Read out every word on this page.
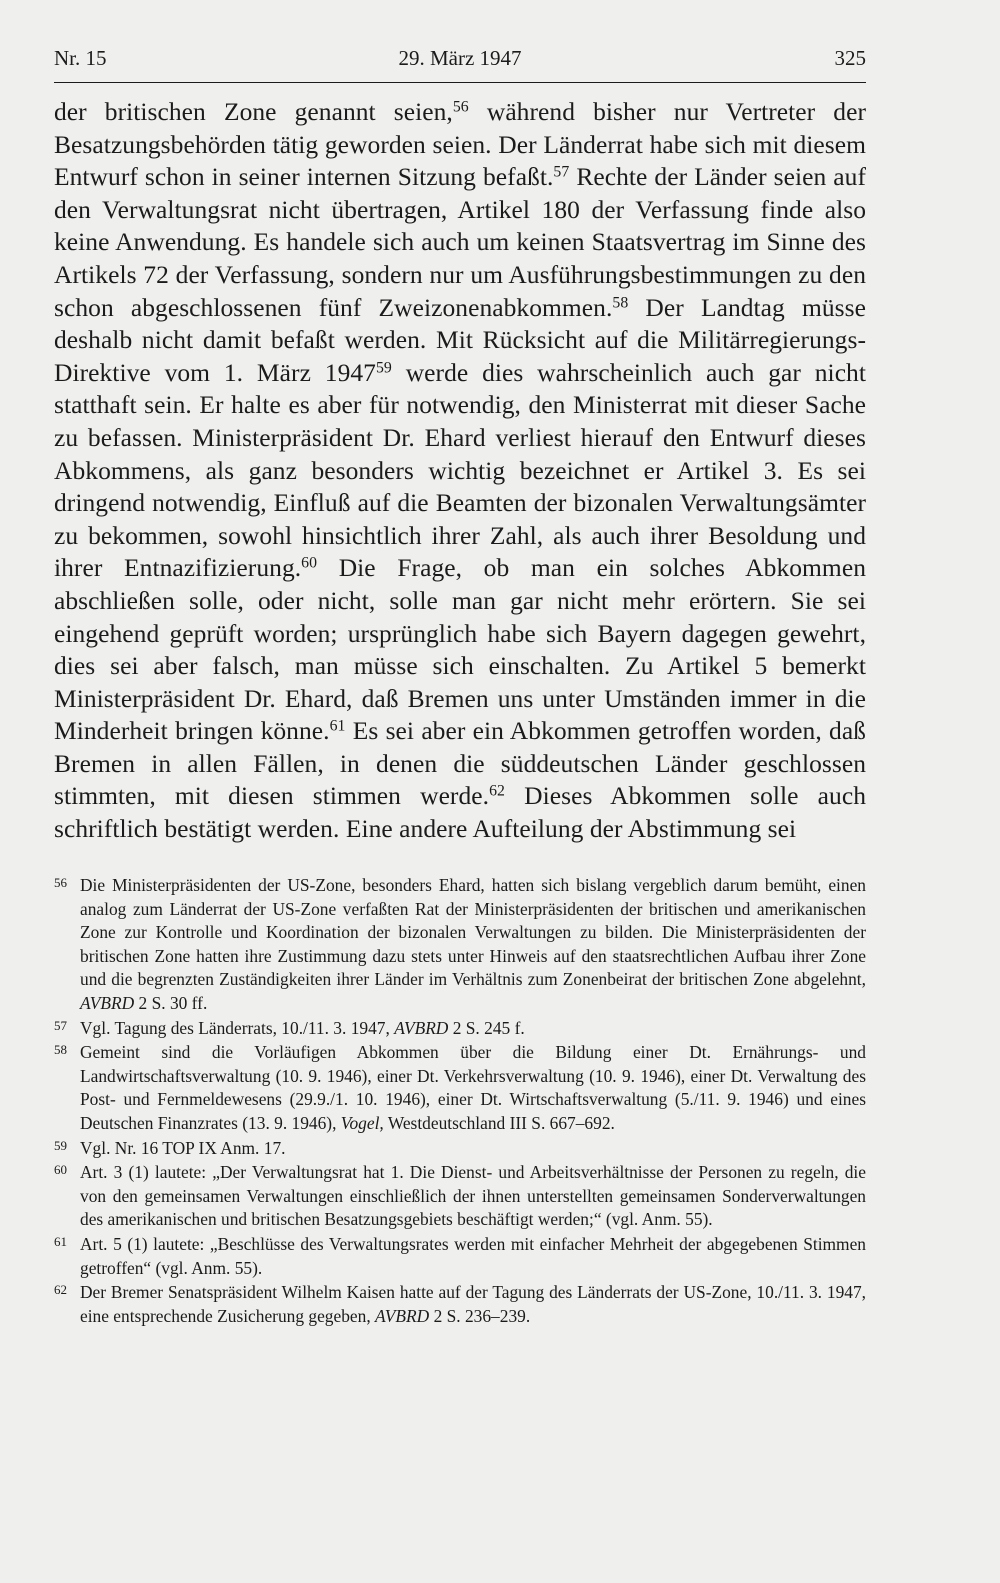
Nr. 15	29. März 1947	325

der britischen Zone genannt seien,$^{56}$ während bisher nur Vertreter der Besatzungsbehörden tätig geworden seien. Der Länderrat habe sich mit diesem Entwurf schon in seiner internen Sitzung befaßt.$^{57}$ Rechte der Länder seien auf den Verwaltungsrat nicht übertragen, Artikel 180 der Verfassung finde also keine Anwendung. Es handele sich auch um keinen Staatsvertrag im Sinne des Artikels 72 der Verfassung, sondern nur um Ausführungsbestimmungen zu den schon abgeschlossenen fünf Zweizonenabkommen.$^{58}$ Der Landtag müsse deshalb nicht damit befaßt werden. Mit Rücksicht auf die Militärregierungs-Direktive vom 1. März 1947$^{59}$ werde dies wahrscheinlich auch gar nicht statthaft sein. Er halte es aber für notwendig, den Ministerrat mit dieser Sache zu befassen. Ministerpräsident Dr. Ehard verliest hierauf den Entwurf dieses Abkommens, als ganz besonders wichtig bezeichnet er Artikel 3. Es sei dringend notwendig, Einfluß auf die Beamten der bizonalen Verwaltungsämter zu bekommen, sowohl hinsichtlich ihrer Zahl, als auch ihrer Besoldung und ihrer Entnazifizierung.$^{60}$ Die Frage, ob man ein solches Abkommen abschließen solle, oder nicht, solle man gar nicht mehr erörtern. Sie sei eingehend geprüft worden; ursprünglich habe sich Bayern dagegen gewehrt, dies sei aber falsch, man müsse sich einschalten. Zu Artikel 5 bemerkt Ministerpräsident Dr. Ehard, daß Bremen uns unter Umständen immer in die Minderheit bringen könne.$^{61}$ Es sei aber ein Abkommen getroffen worden, daß Bremen in allen Fällen, in denen die süddeutschen Länder geschlossen stimmten, mit diesen stimmen werde.$^{62}$ Dieses Abkommen solle auch schriftlich bestätigt werden. Eine andere Aufteilung der Abstimmung sei

56 Die Ministerpräsidenten der US-Zone, besonders Ehard, hatten sich bislang vergeblich darum bemüht, einen analog zum Länderrat der US-Zone verfaßten Rat der Ministerpräsidenten der britischen und amerikanischen Zone zur Kontrolle und Koordination der bizonalen Verwaltungen zu bilden. Die Ministerpräsidenten der britischen Zone hatten ihre Zustimmung dazu stets unter Hinweis auf den staatsrechtlichen Aufbau ihrer Zone und die begrenzten Zuständigkeiten ihrer Länder im Verhältnis zum Zonenbeirat der britischen Zone abgelehnt, AVBRD 2 S. 30 ff.
57 Vgl. Tagung des Länderrats, 10./11. 3. 1947, AVBRD 2 S. 245 f.
58 Gemeint sind die Vorläufigen Abkommen über die Bildung einer Dt. Ernährungs- und Landwirtschaftsverwaltung (10. 9. 1946), einer Dt. Verkehrsverwaltung (10. 9. 1946), einer Dt. Verwaltung des Post- und Fernmeldewesens (29.9./1. 10. 1946), einer Dt. Wirtschaftsverwaltung (5./11. 9. 1946) und eines Deutschen Finanzrates (13. 9. 1946), Vogel, Westdeutschland III S. 667–692.
59 Vgl. Nr. 16 TOP IX Anm. 17.
60 Art. 3 (1) lautete: „Der Verwaltungsrat hat 1. Die Dienst- und Arbeitsverhältnisse der Personen zu regeln, die von den gemeinsamen Verwaltungen einschließlich der ihnen unterstellten gemeinsamen Sonderverwaltungen des amerikanischen und britischen Besatzungsgebiets beschäftigt werden;“ (vgl. Anm. 55).
61 Art. 5 (1) lautete: „Beschlüsse des Verwaltungsrates werden mit einfacher Mehrheit der abgegebenen Stimmen getroffen“ (vgl. Anm. 55).
62 Der Bremer Senatspräsident Wilhelm Kaisen hatte auf der Tagung des Länderrats der US-Zone, 10./11. 3. 1947, eine entsprechende Zusicherung gegeben, AVBRD 2 S. 236–239.
